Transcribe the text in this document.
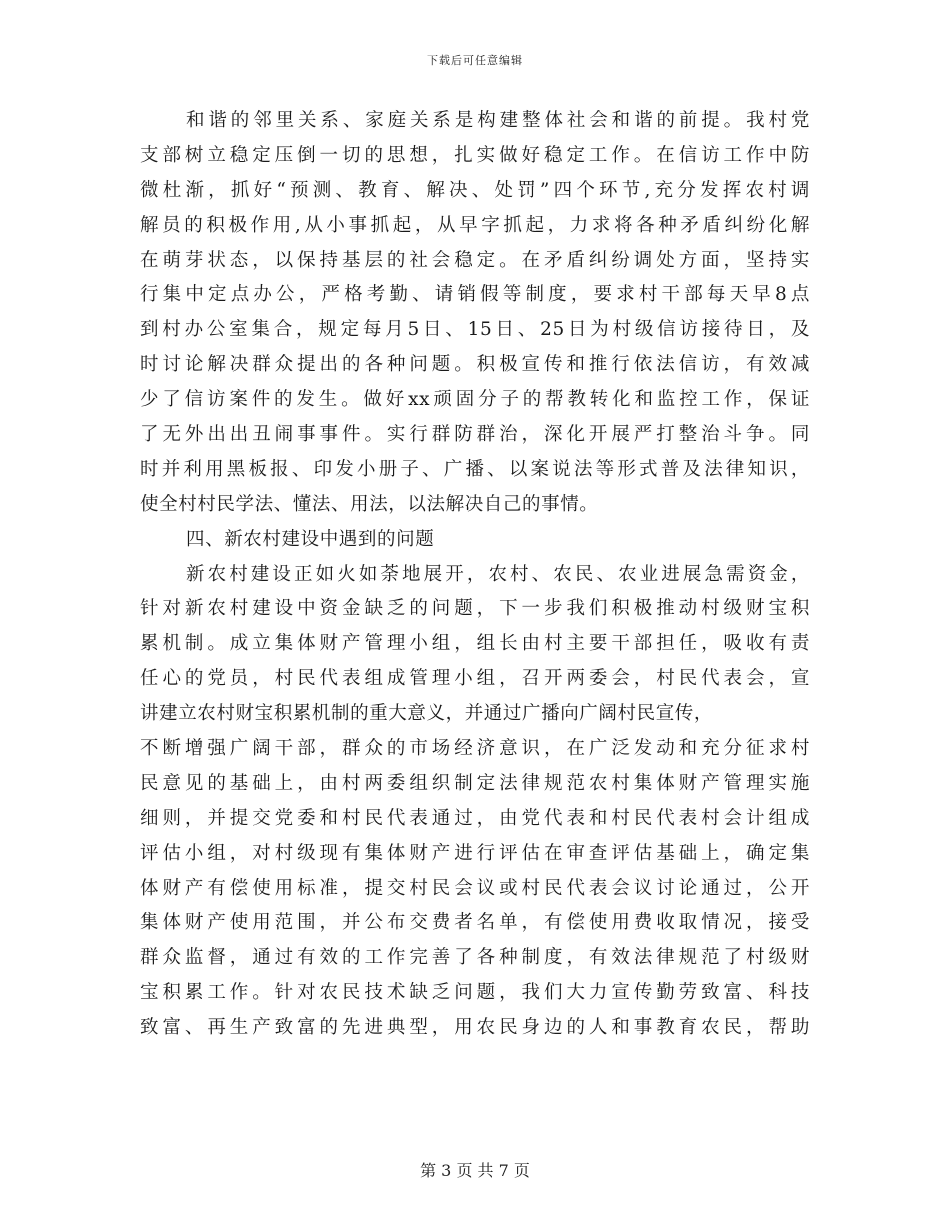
下载后可任意编辑
和谐的邻里关系、家庭关系是构建整体社会和谐的前提。我村党
支部树立稳定压倒一切的思想，扎实做好稳定工作。在信访工作中防
微杜渐，抓好“预测、教育、解决、处罚”四个环节,充分发挥农村调
解员的积极作用,从小事抓起，从早字抓起，力求将各种矛盾纠纷化解
在萌芽状态，以保持基层的社会稳定。在矛盾纠纷调处方面，坚持实
行集中定点办公，严格考勤、请销假等制度，要求村干部每天早8点
到村办公室集合，规定每月5日、15日、25日为村级信访接待日，及
时讨论解决群众提出的各种问题。积极宣传和推行依法信访，有效减
少了信访案件的发生。做好xx顽固分子的帮教转化和监控工作，保证
了无外出出丑闹事事件。实行群防群治，深化开展严打整治斗争。同
时并利用黑板报、印发小册子、广播、以案说法等形式普及法律知识，
使全村村民学法、懂法、用法，以法解决自己的事情。
四、新农村建设中遇到的问题
新农村建设正如火如荼地展开，农村、农民、农业进展急需资金，
针对新农村建设中资金缺乏的问题，下一步我们积极推动村级财宝积
累机制。成立集体财产管理小组，组长由村主要干部担任，吸收有责
任心的党员，村民代表组成管理小组，召开两委会，村民代表会，宣
讲建立农村财宝积累机制的重大意义，并通过广播向广阔村民宣传，
不断增强广阔干部，群众的市场经济意识，在广泛发动和充分征求村
民意见的基础上，由村两委组织制定法律规范农村集体财产管理实施
细则，并提交党委和村民代表通过，由党代表和村民代表村会计组成
评估小组，对村级现有集体财产进行评估在审查评估基础上，确定集
体财产有偿使用标准，提交村民会议或村民代表会议讨论通过，公开
集体财产使用范围，并公布交费者名单，有偿使用费收取情况，接受
群众监督，通过有效的工作完善了各种制度，有效法律规范了村级财
宝积累工作。针对农民技术缺乏问题，我们大力宣传勤劳致富、科技
致富、再生产致富的先进典型，用农民身边的人和事教育农民，帮助
第 3 页 共 7 页
